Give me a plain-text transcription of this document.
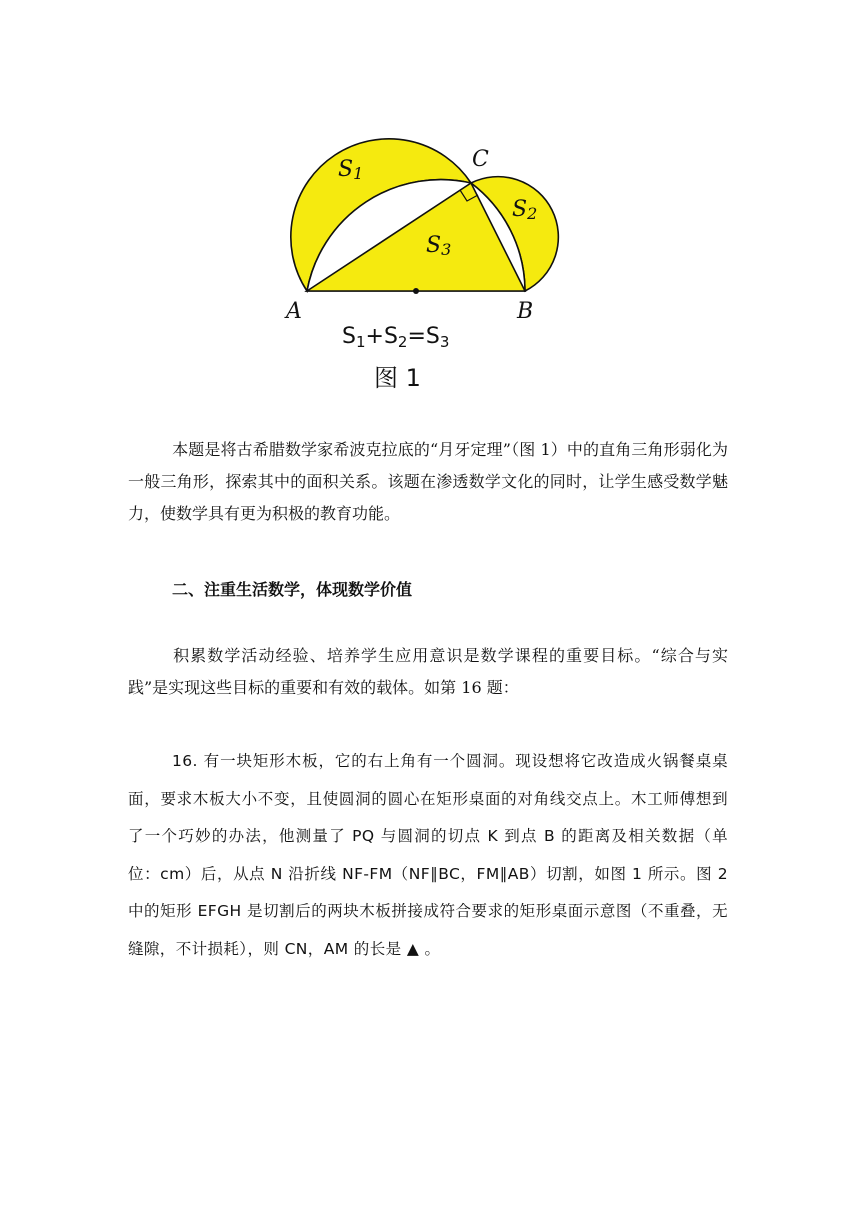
C
A	B
S1
S2
S3
S1+S2=S3
图 1

本题是将古希腊数学家希波克拉底的“月牙定理”（图 1）中的直角三角形弱化为一般三角形，探索其中的面积关系。该题在渗透数学文化的同时，让学生感受数学魅力，使数学具有更为积极的教育功能。

二、注重生活数学，体现数学价值

积累数学活动经验、培养学生应用意识是数学课程的重要目标。“综合与实践”是实现这些目标的重要和有效的载体。如第 16 题：

16. 有一块矩形木板，它的右上角有一个圆洞。现设想将它改造成火锅餐桌桌面，要求木板大小不变，且使圆洞的圆心在矩形桌面的对角线交点上。木工师傅想到了一个巧妙的办法，他测量了 PQ 与圆洞的切点 K 到点 B 的距离及相关数据（单位：cm）后，从点 N 沿折线 NF-FM（NF∥BC，FM∥AB）切割，如图 1 所示。图 2 中的矩形 EFGH 是切割后的两块木板拼接成符合要求的矩形桌面示意图（不重叠，无缝隙，不计损耗），则 CN，AM 的长是 ▲ 。
